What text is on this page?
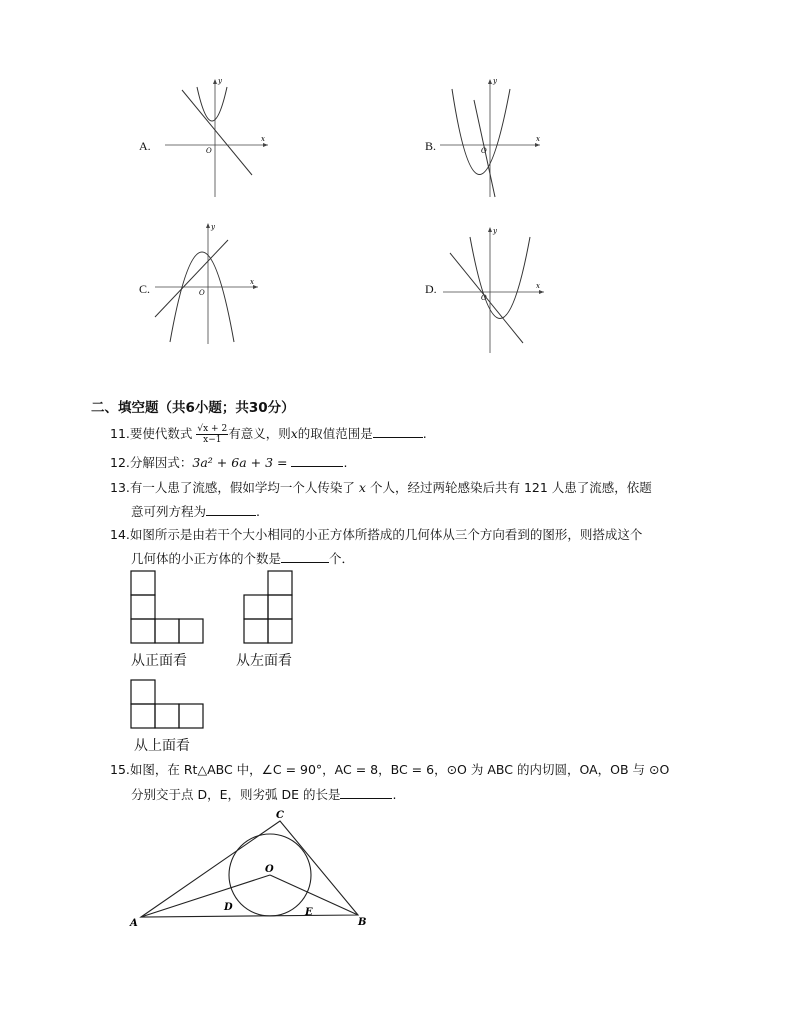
A.	B.
C.	D.
y
x
O
y
x
O
y
x
O
y
x
O
二、填空题（共6小题；共30分）
11.要使代数式 $\frac{√x + 2}{x-1}$ 有意义，则x的取值范围是	.
12.分解因式：3a² + 6a + 3 =	.
13.有一人患了流感，假如学均一个人传染了 x 个人，经过两轮感染后共有 121 人患了流感，依题
意可列方程为	.
14.如图所示是由若干个大小相同的小正方体所搭成的几何体从三个方向看到的图形，则搭成这个
几何体的小正方体的个数是	个．
从正面看	从左面看
从上面看
15.如图，在 Rt△ABC 中，∠C = 90°，AC = 8，BC = 6，⊙O 为 ABC 的内切圆，OA，OB 与 ⊙O
分别交于点 D，E，则劣弧 DE 的长是	.
A	B
C
O
D	E
